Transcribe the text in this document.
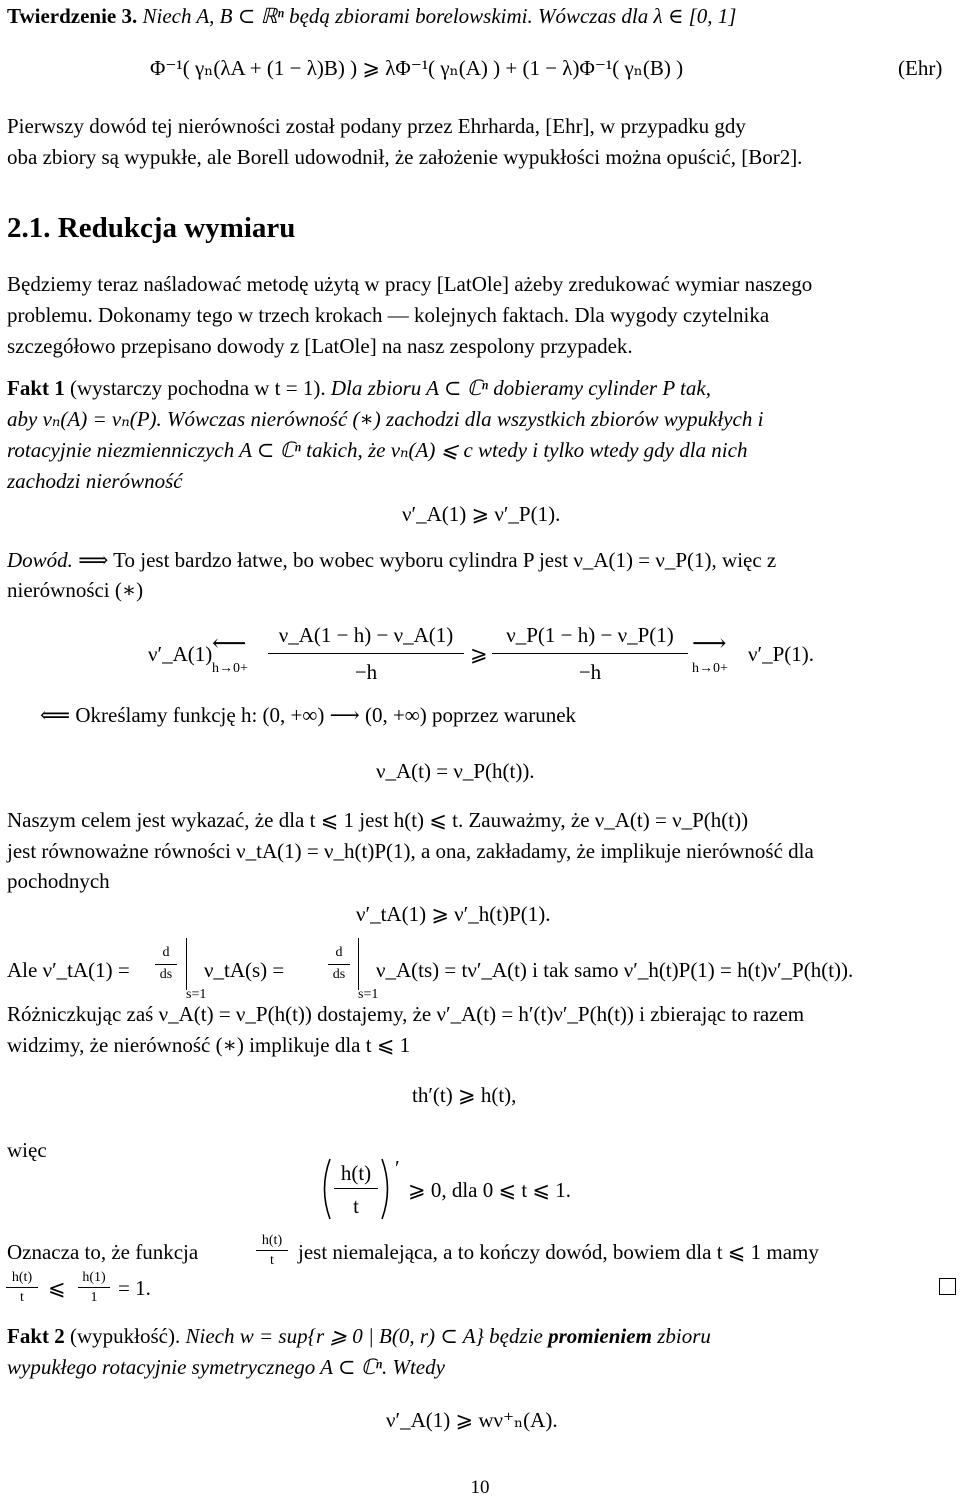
Twierdzenie 3. Niech A, B ⊂ ℝⁿ będą zbiorami borelowskimi. Wówczas dla λ ∈ [0, 1]
Φ⁻¹( γₙ(λA + (1 − λ)B) ) ⩾ λΦ⁻¹( γₙ(A) ) + (1 − λ)Φ⁻¹( γₙ(B) )	(Ehr)
Pierwszy dowód tej nierówności został podany przez Ehrharda, [Ehr], w przypadku gdy
oba zbiory są wypukłe, ale Borell udowodnił, że założenie wypukłości można opuścić, [Bor2].
2.1. Redukcja wymiaru
Będziemy teraz naśladować metodę użytą w pracy [LatOle] ażeby zredukować wymiar naszego
problemu. Dokonamy tego w trzech krokach — kolejnych faktach. Dla wygody czytelnika
szczegółowo przepisano dowody z [LatOle] na nasz zespolony przypadek.
Fakt 1 (wystarczy pochodna w t = 1). Dla zbioru A ⊂ ℂⁿ dobieramy cylinder P tak,
aby νₙ(A) = νₙ(P). Wówczas nierówność (∗) zachodzi dla wszystkich zbiorów wypukłych i
rotacyjnie niezmienniczych A ⊂ ℂⁿ takich, że νₙ(A) ⩽ c wtedy i tylko wtedy gdy dla nich
zachodzi nierówność
ν′_A(1) ⩾ ν′_P(1).
Dowód. ⟹ To jest bardzo łatwe, bo wobec wyboru cylindra P jest ν_A(1) = ν_P(1), więc z
nierówności (∗)
ν′_A(1) ⟵
h→0+
ν_A(1 − h) − ν_A(1)
−h
⩾
ν_P(1 − h) − ν_P(1)
−h
⟶
h→0+
ν′_P(1).
⟸ Określamy funkcję h: (0, +∞) ⟶ (0, +∞) poprzez warunek
ν_A(t) = ν_P(h(t)).
Naszym celem jest wykazać, że dla t ⩽ 1 jest h(t) ⩽ t. Zauważmy, że ν_A(t) = ν_P(h(t))
jest równoważne równości ν_tA(1) = ν_h(t)P(1), a ona, zakładamy, że implikuje nierówność dla
pochodnych
ν′_tA(1) ⩾ ν′_h(t)P(1).
Ale ν′_tA(1) =
d
ds
s=1
ν_tA(s) =
d
ds
s=1
ν_A(ts) = tν′_A(t) i tak samo ν′_h(t)P(1) = h(t)ν′_P(h(t)).
Różniczkując zaś ν_A(t) = ν_P(h(t)) dostajemy, że ν′_A(t) = h′(t)ν′_P(h(t)) i zbierając to razem
widzimy, że nierówność (∗) implikuje dla t ⩽ 1
th′(t) ⩾ h(t),
więc
h(t)
t
′
⩾ 0, dla 0 ⩽ t ⩽ 1.
Oznacza to, że funkcja	h(t)
t	jest niemalejąca, a to kończy dowód, bowiem dla t ⩽ 1 mamy
h(t)
t	⩽	h(1)
1 = 1.
Fakt 2 (wypukłość). Niech w = sup{r ⩾ 0 | B(0, r) ⊂ A} będzie promieniem zbioru
wypukłego rotacyjnie symetrycznego A ⊂ ℂⁿ. Wtedy
ν′_A(1) ⩾ wν⁺ₙ(A).
10
